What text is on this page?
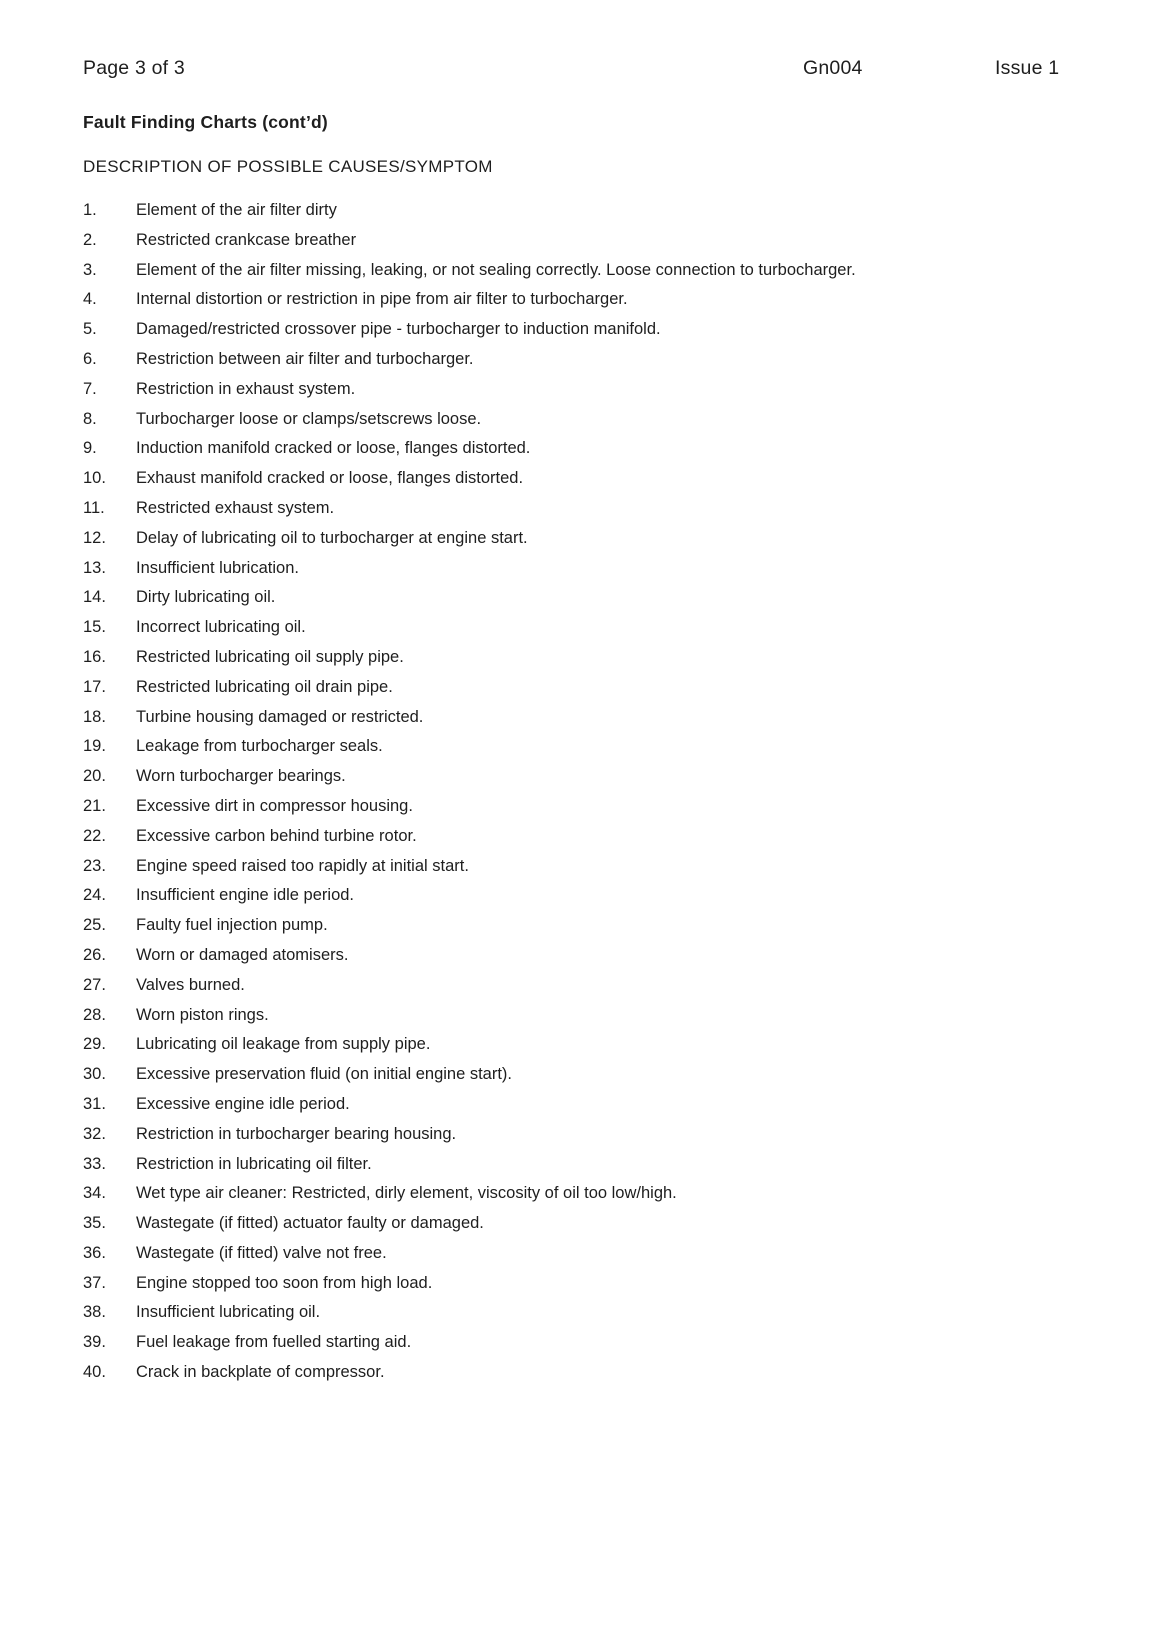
Page 3 of 3	Gn004	Issue 1
Fault Finding Charts (cont’d)
DESCRIPTION OF POSSIBLE CAUSES/SYMPTOM
1.	Element of the air filter dirty
2.	Restricted crankcase breather
3.	Element of the air filter missing, leaking, or not sealing correctly. Loose connection to turbocharger.
4.	Internal distortion or restriction in pipe from air filter to turbocharger.
5.	Damaged/restricted crossover pipe - turbocharger to induction manifold.
6.	Restriction between air filter and turbocharger.
7.	Restriction in exhaust system.
8.	Turbocharger loose or clamps/setscrews loose.
9.	Induction manifold cracked or loose, flanges distorted.
10.	Exhaust manifold cracked or loose, flanges distorted.
11.	Restricted exhaust system.
12.	Delay of lubricating oil to turbocharger at engine start.
13.	Insufficient lubrication.
14.	Dirty lubricating oil.
15.	Incorrect lubricating oil.
16.	Restricted lubricating oil supply pipe.
17.	Restricted lubricating oil drain pipe.
18.	Turbine housing damaged or restricted.
19.	Leakage from turbocharger seals.
20.	Worn turbocharger bearings.
21.	Excessive dirt in compressor housing.
22.	Excessive carbon behind turbine rotor.
23.	Engine speed raised too rapidly at initial start.
24.	Insufficient engine idle period.
25.	Faulty fuel injection pump.
26.	Worn or damaged atomisers.
27.	Valves burned.
28.	Worn piston rings.
29.	Lubricating oil leakage from supply pipe.
30.	Excessive preservation fluid (on initial engine start).
31.	Excessive engine idle period.
32.	Restriction in turbocharger bearing housing.
33.	Restriction in lubricating oil filter.
34.	Wet type air cleaner: Restricted, dirly element, viscosity of oil too low/high.
35.	Wastegate (if fitted) actuator faulty or damaged.
36.	Wastegate (if fitted) valve not free.
37.	Engine stopped too soon from high load.
38.	Insufficient lubricating oil.
39.	Fuel leakage from fuelled starting aid.
40.	Crack in backplate of compressor.
